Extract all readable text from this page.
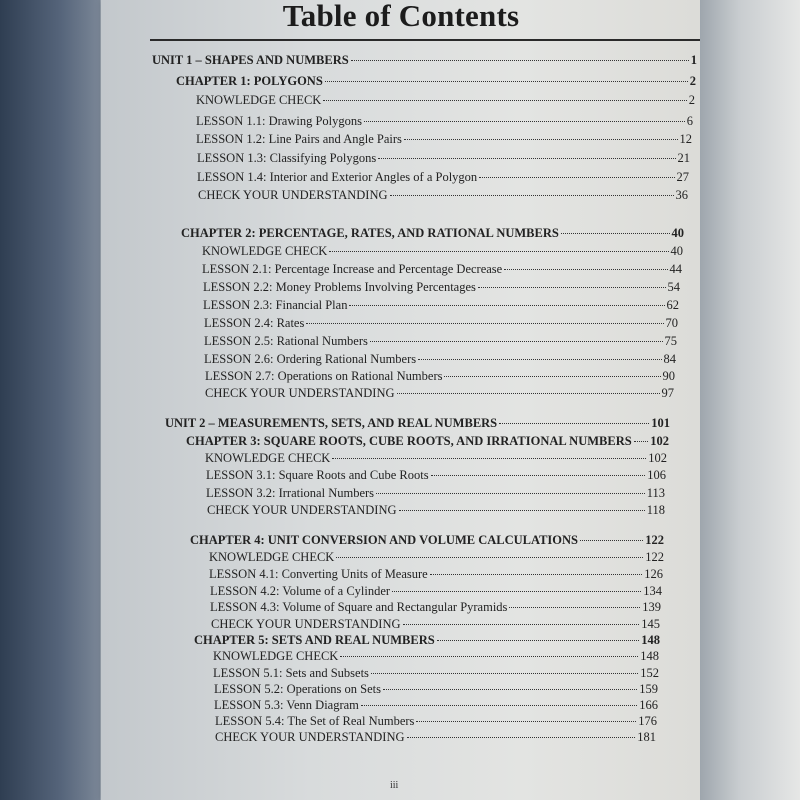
Table of Contents
UNIT 1 – SHAPES AND NUMBERS	1
CHAPTER 1: POLYGONS	2
KNOWLEDGE CHECK	2
LESSON 1.1: Drawing Polygons	6
LESSON 1.2: Line Pairs and Angle Pairs	12
LESSON 1.3: Classifying Polygons	21
LESSON 1.4: Interior and Exterior Angles of a Polygon	27
CHECK YOUR UNDERSTANDING	36
CHAPTER 2: PERCENTAGE, RATES, AND RATIONAL NUMBERS	40
KNOWLEDGE CHECK	40
LESSON 2.1: Percentage Increase and Percentage Decrease	44
LESSON 2.2: Money Problems Involving Percentages	54
LESSON 2.3: Financial Plan	62
LESSON 2.4: Rates	70
LESSON 2.5: Rational Numbers	75
LESSON 2.6: Ordering Rational Numbers	84
LESSON 2.7: Operations on Rational Numbers	90
CHECK YOUR UNDERSTANDING	97
UNIT 2 – MEASUREMENTS, SETS, AND REAL NUMBERS	101
CHAPTER 3: SQUARE ROOTS, CUBE ROOTS, AND IRRATIONAL NUMBERS 102
KNOWLEDGE CHECK	102
LESSON 3.1: Square Roots and Cube Roots	106
LESSON 3.2: Irrational Numbers	113
CHECK YOUR UNDERSTANDING	118
CHAPTER 4: UNIT CONVERSION AND VOLUME CALCULATIONS	122
KNOWLEDGE CHECK	122
LESSON 4.1: Converting Units of Measure	126
LESSON 4.2: Volume of a Cylinder	134
LESSON 4.3: Volume of Square and Rectangular Pyramids	139
CHECK YOUR UNDERSTANDING	145
CHAPTER 5: SETS AND REAL NUMBERS	148
KNOWLEDGE CHECK	148
LESSON 5.1: Sets and Subsets	152
LESSON 5.2: Operations on Sets	159
LESSON 5.3: Venn Diagram	166
LESSON 5.4: The Set of Real Numbers	176
CHECK YOUR UNDERSTANDING	181
iii
